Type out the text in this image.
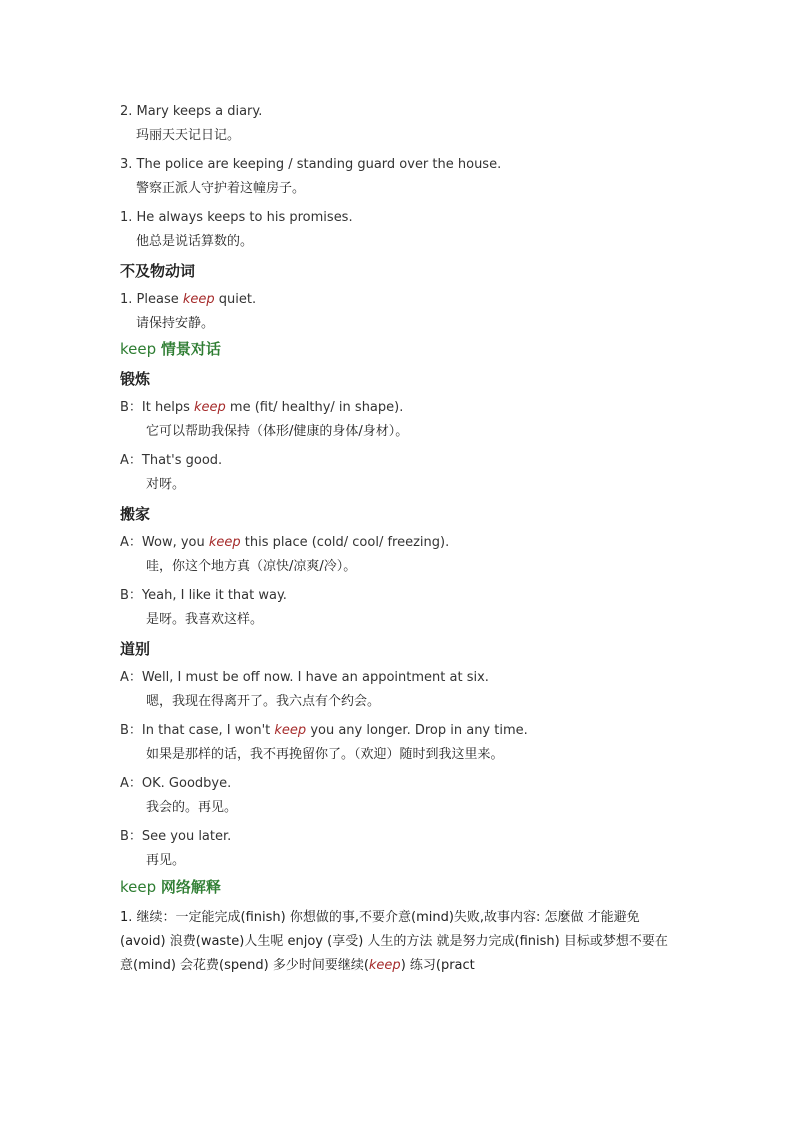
2. Mary keeps a diary.
玛丽天天记日记。
3. The police are keeping / standing guard over the house.
警察正派人守护着这幢房子。
1. He always keeps to his promises.
他总是说话算数的。
不及物动词
1. Please keep quiet.
请保持安静。
keep 情景对话
锻炼
B：It helps keep me (fit/ healthy/ in shape).
它可以帮助我保持（体形/健康的身体/身材）。
A：That's good.
对呀。
搬家
A：Wow, you keep this place (cold/ cool/ freezing).
哇，你这个地方真（凉快/凉爽/冷）。
B：Yeah, I like it that way.
是呀。我喜欢这样。
道别
A：Well, I must be off now. I have an appointment at six.
嗯，我现在得离开了。我六点有个约会。
B：In that case, I won't keep you any longer. Drop in any time.
如果是那样的话，我不再挽留你了。（欢迎）随时到我这里来。
A：OK. Goodbye.
我会的。再见。
B：See you later.
再见。
keep 网络解释
1. 继续：一定能完成(finish) 你想做的事,不要介意(mind)失败,故事内容: 怎麼做 才能避免(avoid) 浪费(waste)人生呢 enjoy (享受) 人生的方法 就是努力完成(finish) 目标或梦想不要在意(mind) 会花费(spend) 多少时间要继续(keep) 练习(pract
